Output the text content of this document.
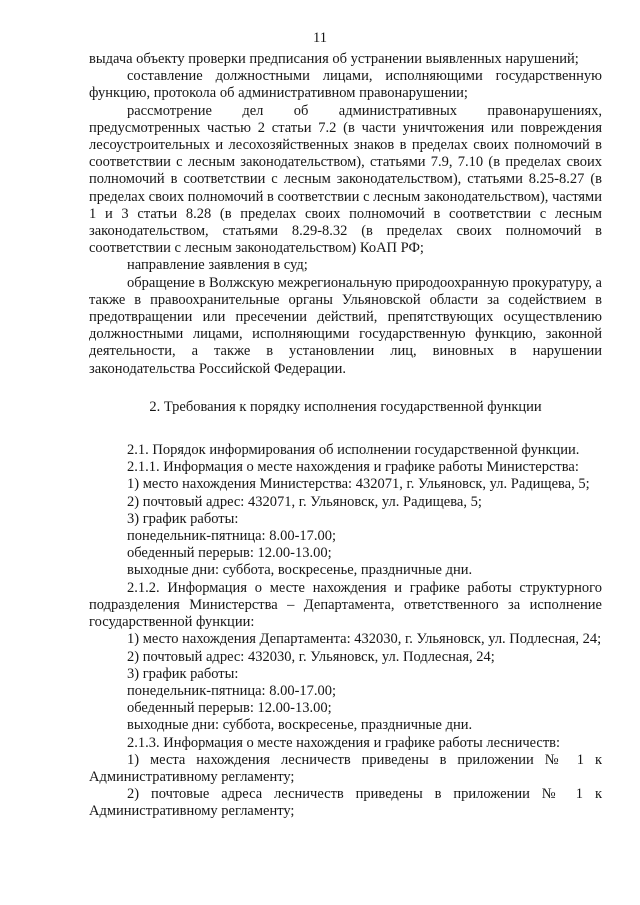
11

выдача объекту проверки предписания об устранении выявленных нарушений;

составление должностными лицами, исполняющими государственную функцию, протокола об административном правонарушении;

рассмотрение дел об административных правонарушениях, предусмотренных частью 2 статьи 7.2 (в части уничтожения или повреждения лесоустроительных и лесохозяйственных знаков в пределах своих полномочий в соответствии с лесным законодательством), статьями 7.9, 7.10 (в пределах своих полномочий в соответствии с лесным законодательством), статьями 8.25-8.27 (в пределах своих полномочий в соответствии с лесным законодательством), частями 1 и 3 статьи 8.28 (в пределах своих полномочий в соответствии с лесным законодательством, статьями 8.29-8.32 (в пределах своих полномочий в соответствии с лесным законодательством) КоАП РФ;

направление заявления в суд;

обращение в Волжскую межрегиональную природоохранную прокуратуру, а также в правоохранительные органы Ульяновской области за содействием в предотвращении или пресечении действий, препятствующих осуществлению должностными лицами, исполняющими государственную функцию, законной деятельности, а также в установлении лиц, виновных в нарушении законодательства Российской Федерации.

2. Требования к порядку исполнения государственной функции

2.1. Порядок информирования об исполнении государственной функции.

2.1.1. Информация о месте нахождения и графике работы Министерства:

1) место нахождения Министерства: 432071, г. Ульяновск, ул. Радищева, 5;

2) почтовый адрес: 432071, г. Ульяновск, ул. Радищева, 5;

3) график работы:

понедельник-пятница: 8.00-17.00;

обеденный перерыв: 12.00-13.00;

выходные дни: суббота, воскресенье, праздничные дни.

2.1.2. Информация о месте нахождения и графике работы структурного подразделения Министерства – Департамента, ответственного за исполнение государственной функции:

1) место нахождения Департамента: 432030, г. Ульяновск, ул. Подлесная, 24;

2) почтовый адрес: 432030, г. Ульяновск, ул. Подлесная, 24;

3) график работы:

понедельник-пятница: 8.00-17.00;

обеденный перерыв: 12.00-13.00;

выходные дни: суббота, воскресенье, праздничные дни.

2.1.3. Информация о месте нахождения и графике работы лесничеств:

1) места нахождения лесничеств приведены в приложении № 1 к Административному регламенту;

2) почтовые адреса лесничеств приведены в приложении № 1 к Административному регламенту;
